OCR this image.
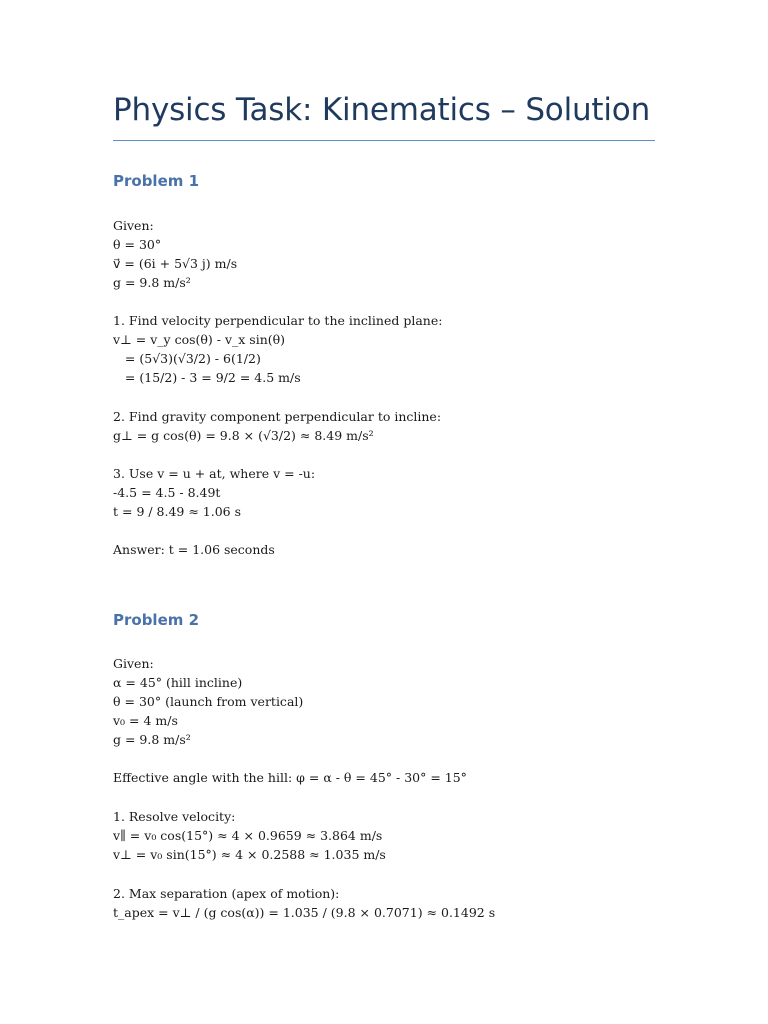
Physics Task: Kinematics – Solution
Problem 1
Given:
θ = 30°
v⃗ = (6i + 5√3 j) m/s
g = 9.8 m/s²
1. Find velocity perpendicular to the inclined plane:
v⊥ = v_y cos(θ) - v_x sin(θ)
= (5√3)(√3/2) - 6(1/2)
= (15/2) - 3 = 9/2 = 4.5 m/s
2. Find gravity component perpendicular to incline:
g⊥ = g cos(θ) = 9.8 × (√3/2) ≈ 8.49 m/s²
3. Use v = u + at, where v = -u:
-4.5 = 4.5 - 8.49t
t = 9 / 8.49 ≈ 1.06 s
Answer: t = 1.06 seconds
Problem 2
Given:
α = 45° (hill incline)
θ = 30° (launch from vertical)
v₀ = 4 m/s
g = 9.8 m/s²
Effective angle with the hill: φ = α - θ = 45° - 30° = 15°
1. Resolve velocity:
v∥ = v₀ cos(15°) ≈ 4 × 0.9659 ≈ 3.864 m/s
v⊥ = v₀ sin(15°) ≈ 4 × 0.2588 ≈ 1.035 m/s
2. Max separation (apex of motion):
t_apex = v⊥ / (g cos(α)) = 1.035 / (9.8 × 0.7071) ≈ 0.1492 s
